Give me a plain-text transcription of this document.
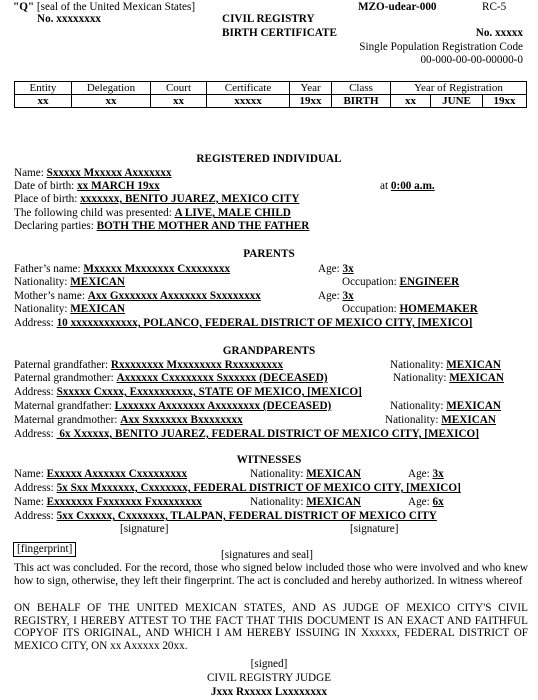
"Q" [seal of the United Mexican States]	MZO-udear-000	RC-5
No. xxxxxxxx	CIVIL REGISTRY
BIRTH CERTIFICATE	No. xxxxx
Single Population Registration Code
00-000-00-00-00000-0
Entity	Delegation	Court	Certificate	Year	Class	Year of Registration		
xx	xx	xx	xxxxx	19xx	BIRTH	xx	JUNE	19xx
REGISTERED INDIVIDUAL
Name: Sxxxxx Mxxxxx Axxxxxxx
Date of birth: xx MARCH 19xx	at 0:00 a.m.
Place of birth: xxxxxxx, BENITO JUAREZ, MEXICO CITY
The following child was presented: A LIVE, MALE CHILD
Declaring parties: BOTH THE MOTHER AND THE FATHER
PARENTS
Father’s name: Mxxxxx Mxxxxxxx Cxxxxxxxx	Age: 3x
Nationality: MEXICAN	Occupation: ENGINEER
Mother’s name: Axx Gxxxxxxx Axxxxxxx Sxxxxxxxx	Age: 3x
Nationality: MEXICAN	Occupation: HOMEMAKER
Address: 10 xxxxxxxxxxxx, POLANCO, FEDERAL DISTRICT OF MEXICO CITY, [MEXICO]
GRANDPARENTS
Paternal grandfather: Rxxxxxxxx Mxxxxxxxx Rxxxxxxxxx	Nationality: MEXICAN
Paternal grandmother: Axxxxxx Cxxxxxxxx Sxxxxxx (DECEASED)	Nationality: MEXICAN
Address: Sxxxxx Cxxxx, Exxxxxxxxxx, STATE OF MEXICO, [MEXICO]
Maternal grandfather: Lxxxxxx Axxxxxxx Axxxxxxxx (DECEASED)	Nationality: MEXICAN
Maternal grandmother: Axx Sxxxxxxx Bxxxxxxxx	Nationality: MEXICAN
Address:  6x Xxxxxx, BENITO JUAREZ, FEDERAL DISTRICT OF MEXICO CITY, [MEXICO]
WITNESSES
Name: Exxxxx Axxxxxx Cxxxxxxxxx	Nationality: MEXICAN	Age: 3x
Address: 5x Sxx Mxxxxxx, Cxxxxxxx, FEDERAL DISTRICT OF MEXICO CITY, [MEXICO]
Name: Exxxxxxx Fxxxxxxx Fxxxxxxxxx	Nationality: MEXICAN	Age: 6x
Address: 5xx Cxxxxx, Cxxxxxxx, TLALPAN, FEDERAL DISTRICT OF MEXICO CITY
[signature]	[signature]
[fingerprint]	[signatures and seal]
This act was concluded. For the record, those who signed below included those who were involved and who knew how to sign, otherwise, they left their fingerprint. The act is concluded and hereby authorized. In witness whereof
ON BEHALF OF THE UNITED MEXICAN STATES, AND AS JUDGE OF MEXICO CITY'S CIVIL REGISTRY, I HEREBY ATTEST TO THE FACT THAT THIS DOCUMENT IS AN EXACT AND FAITHFUL COPYOF ITS ORIGINAL, AND WHICH I AM HEREBY ISSUING IN Xxxxxx, FEDERAL DISTRICT OF MEXICO CITY, ON xx Axxxxx 20xx.
[signed]
CIVIL REGISTRY JUDGE
Jxxx Rxxxxx Lxxxxxxxx
